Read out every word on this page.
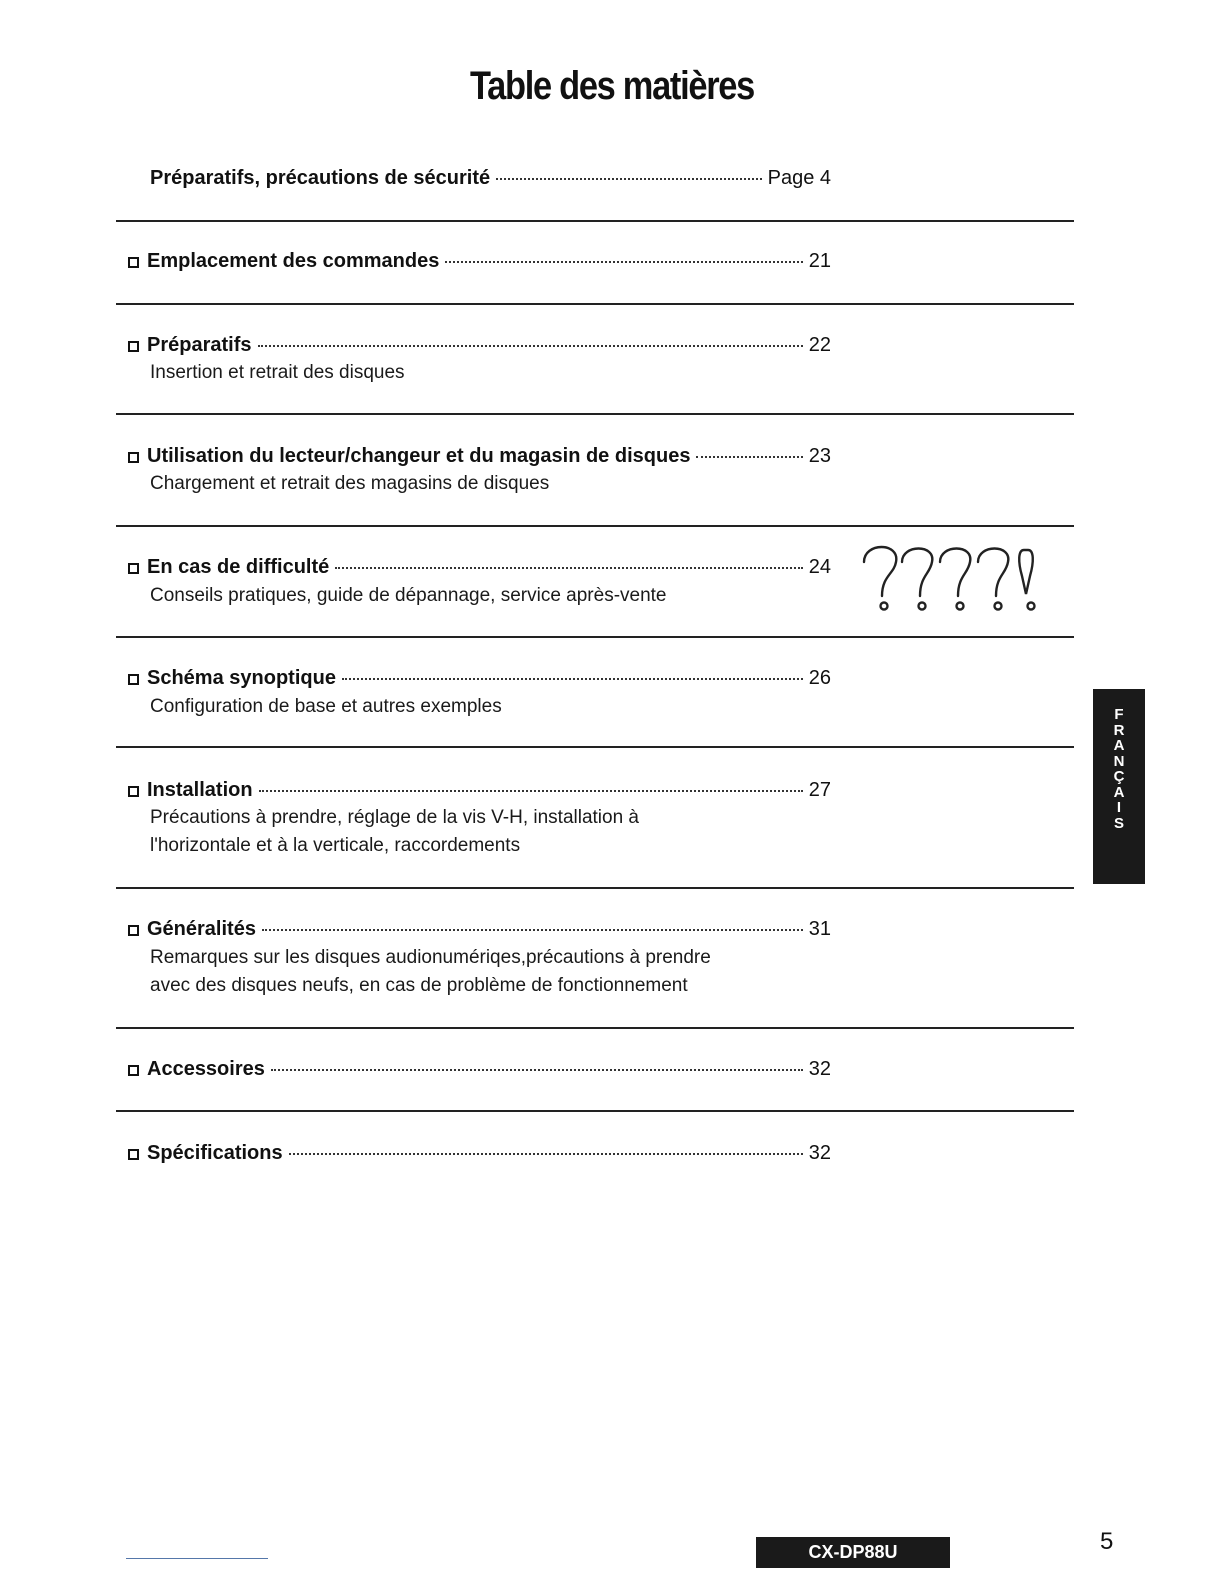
Table des matières
Préparatifs, précautions de sécurité	Page 4
Emplacement des commandes	21
Préparatifs	22
Insertion et retrait des disques
Utilisation du lecteur/changeur et du magasin de disques	23
Chargement et retrait des magasins de disques
En cas de difficulté	24
Conseils pratiques, guide de dépannage, service après-vente
Schéma synoptique	26
Configuration de base et autres exemples
Installation	27
Précautions à prendre, réglage de la vis V-H, installation à
l'horizontale et à la verticale, raccordements
Généralités	31
Remarques sur les disques audionumériqes,précautions à prendre
avec des disques neufs, en cas de problème de fonctionnement
Accessoires	32
Spécifications	32
F
R
A
N
Ç
A
I
S
CX-DP88U	5
